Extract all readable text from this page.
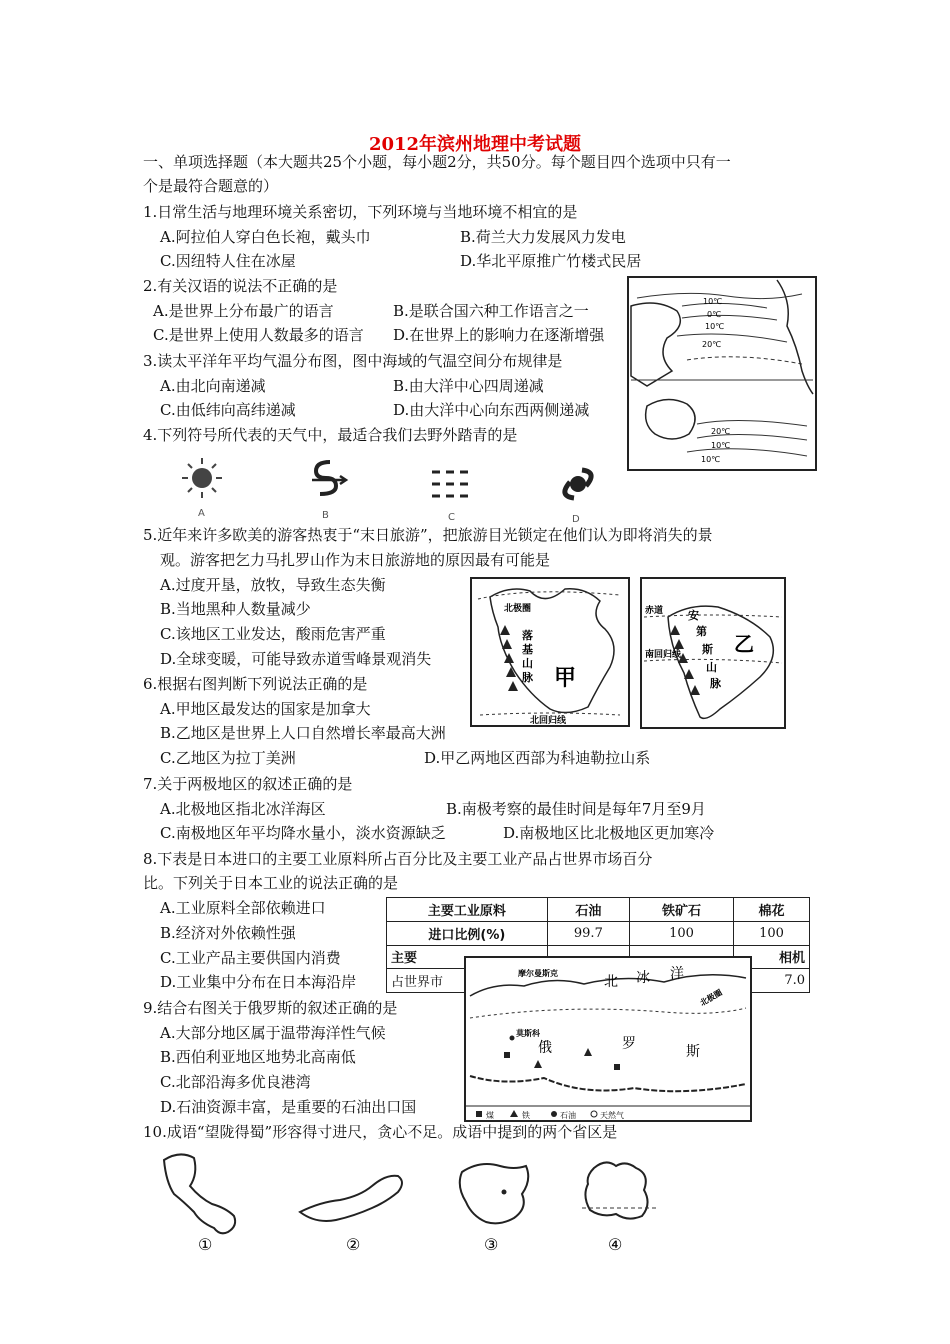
2012年滨州地理中考试题
一、单项选择题（本大题共25个小题，每小题2分，共50分。每个题目四个选项中只有一
个是最符合题意的）
1.日常生活与地理环境关系密切，下列环境与当地环境不相宜的是
A.阿拉伯人穿白色长袍，戴头巾	B.荷兰大力发展风力发电
C.因纽特人住在冰屋	D.华北平原推广竹楼式民居
2.有关汉语的说法不正确的是
A.是世界上分布最广的语言	B.是联合国六种工作语言之一
C.是世界上使用人数最多的语言 D.在世界上的影响力在逐渐增强
3.读太平洋年平均气温分布图，图中海域的气温空间分布规律是
A.由北向南递减	B.由大洋中心四周递减
C.由低纬向高纬递减	D.由大洋中心向东西两侧递减
10℃
0℃
10℃
20℃
20℃
10℃
10℃
4.下列符号所代表的天气中，最适合我们去野外踏青的是
A	B	C	D
5.近年来许多欧美的游客热衷于“末日旅游”，把旅游目光锁定在他们认为即将消失的景
观。游客把乞力马扎罗山作为末日旅游地的原因最有可能是
A.过度开垦，放牧，导致生态失衡
B.当地黑种人数量减少
C.该地区工业发达，酸雨危害严重
D.全球变暖，可能导致赤道雪峰景观消失
北极圈
落
基
山
脉 甲
北回归线
赤道
南回归线
安
第
斯
山
脉
乙
6.根据右图判断下列说法正确的是
A.甲地区最发达的国家是加拿大
B.乙地区是世界上人口自然增长率最高大洲
C.乙地区为拉丁美洲	D.甲乙两地区西部为科迪勒拉山系
7.关于两极地区的叙述正确的是
A.北极地区指北冰洋海区	B.南极考察的最佳时间是每年7月至9月
C.南极地区年平均降水量小，淡水资源缺乏	D.南极地区比北极地区更加寒冷
8.下表是日本进口的主要工业原料所占百分比及主要工业产品占世界市场百分
比。下列关于日本工业的说法正确的是
A.工业原料全部依赖进口
B.经济对外依赖性强
C.工业产品主要供国内消费
D.工业集中分布在日本海沿岸
主要工业原料	石油	铁矿石	棉花
进口比例(%)	99.7	100	100
主要			相机
占世界市			7.0
北极圈
摩尔曼斯克
北 冰 洋
俄	罗	斯
莫斯科
煤	铁	石油	天然气
9.结合右图关于俄罗斯的叙述正确的是
A.大部分地区属于温带海洋性气候
B.西伯利亚地区地势北高南低
C.北部沿海多优良港湾
D.石油资源丰富，是重要的石油出口国
10.成语“望陇得蜀”形容得寸进尺，贪心不足。成语中提到的两个省区是
①	②	③	④
